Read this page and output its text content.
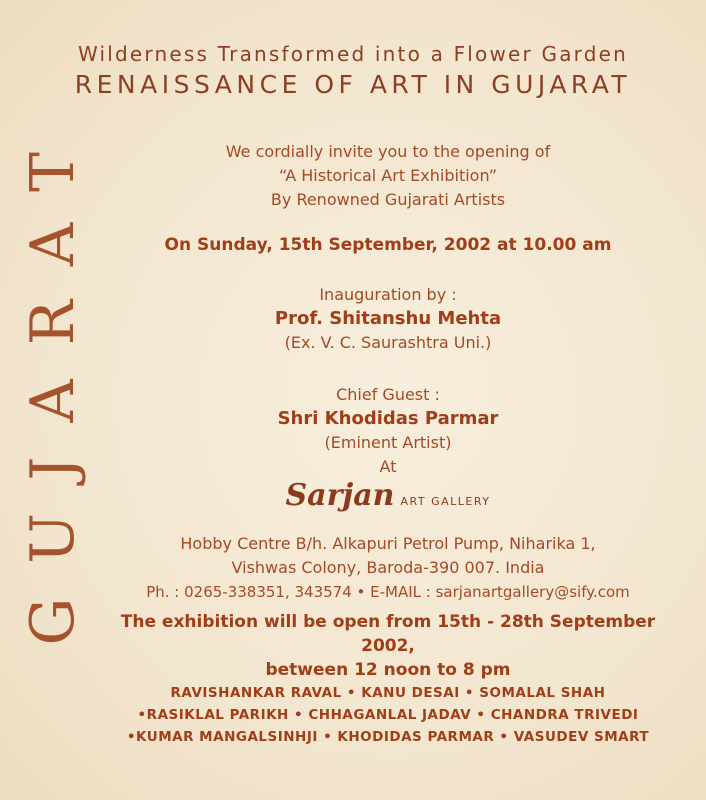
Wilderness Transformed into a Flower Garden
RENAISSANCE OF ART IN GUJARAT
GUJARAT	We cordially invite you to the opening of
“A Historical Art Exhibition”
By Renowned Gujarati Artists
On Sunday, 15th September, 2002 at 10.00 am
Inauguration by :
Prof. Shitanshu Mehta
(Ex. V. C. Saurashtra Uni.)
Chief Guest :
Shri Khodidas Parmar
(Eminent Artist)
At
Sarjan ART GALLERY
Hobby Centre B/h. Alkapuri Petrol Pump, Niharika 1,
Vishwas Colony, Baroda-390 007. India
Ph. : 0265-338351, 343574 • E-MAIL : sarjanartgallery@sify.com
The exhibition will be open from 15th - 28th September 2002,
between 12 noon to 8 pm
RAVISHANKAR RAVAL • KANU DESAI • SOMALAL SHAH
•RASIKLAL PARIKH • CHHAGANLAL JADAV • CHANDRA TRIVEDI
•KUMAR MANGALSINHJI • KHODIDAS PARMAR • VASUDEV SMART
